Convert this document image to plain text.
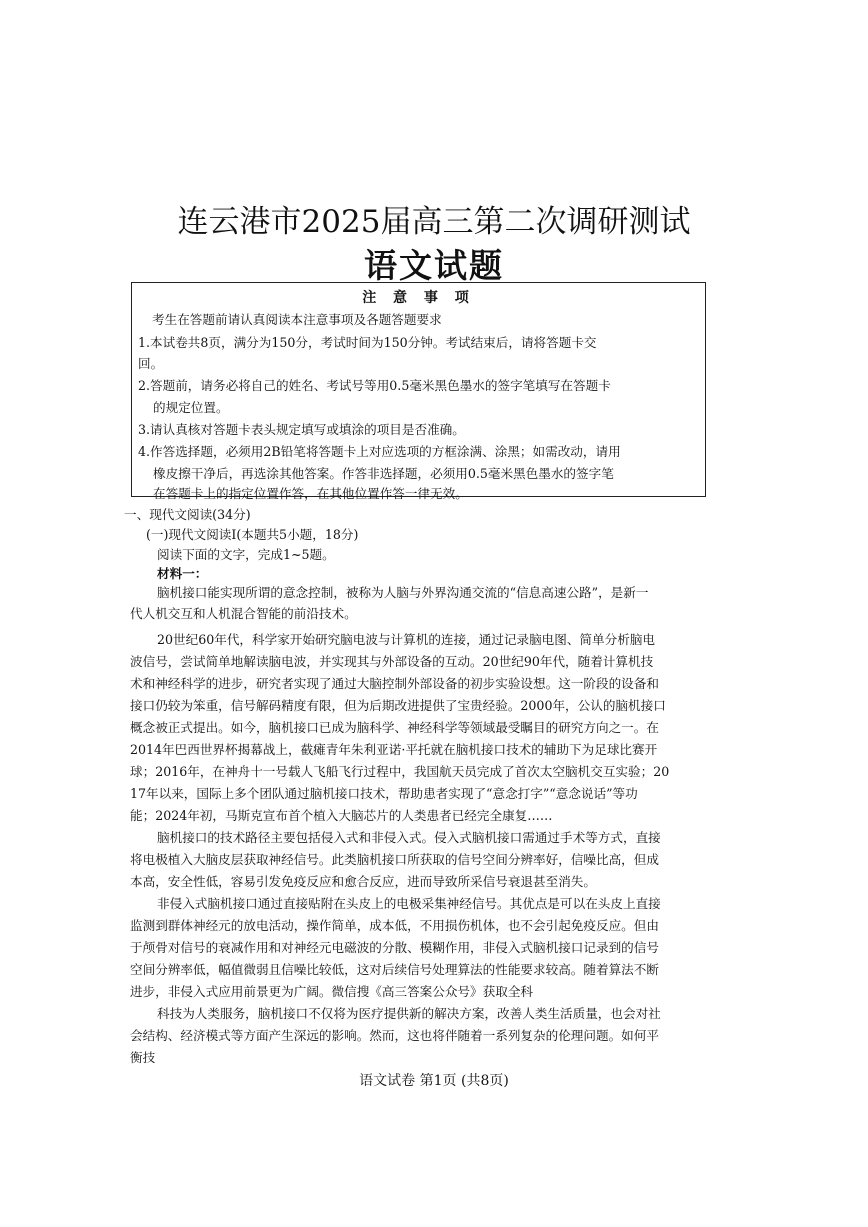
连云港市2025届高三第二次调研测试
语文试题
注 意 事 项
考生在答题前请认真阅读本注意事项及各题答题要求
1.本试卷共8页，满分为150分，考试时间为150分钟。考试结束后，请将答题卡交
回。
2.答题前，请务必将自己的姓名、考试号等用0.5毫米黑色墨水的签字笔填写在答题卡
的规定位置。
3.请认真核对答题卡表头规定填写或填涂的项目是否准确。
4.作答选择题，必须用2B铅笔将答题卡上对应选项的方框涂满、涂黑；如需改动，请用
橡皮擦干净后，再选涂其他答案。作答非选择题，必须用0.5毫米黑色墨水的签字笔
在答题卡上的指定位置作答，在其他位置作答一律无效。
一、现代文阅读(34分)
(一)现代文阅读Ⅰ(本题共5小题，18分)
阅读下面的文字，完成1~5题。
材料一：
脑机接口能实现所谓的意念控制，被称为人脑与外界沟通交流的“信息高速公路”，是新一
代人机交互和人机混合智能的前沿技术。
20世纪60年代，科学家开始研究脑电波与计算机的连接，通过记录脑电图、简单分析脑电
波信号，尝试简单地解读脑电波，并实现其与外部设备的互动。20世纪90年代，随着计算机技
术和神经科学的进步，研究者实现了通过大脑控制外部设备的初步实验设想。这一阶段的设备和
接口仍较为笨重，信号解码精度有限，但为后期改进提供了宝贵经验。2000年，公认的脑机接口
概念被正式提出。如今，脑机接口已成为脑科学、神经科学等领域最受瞩目的研究方向之一。在
2014年巴西世界杯揭幕战上，截瘫青年朱利亚诺·平托就在脑机接口技术的辅助下为足球比赛开
球；2016年，在神舟十一号载人飞船飞行过程中，我国航天员完成了首次太空脑机交互实验；20
17年以来，国际上多个团队通过脑机接口技术，帮助患者实现了“意念打字”“意念说话”等功
能；2024年初，马斯克宣布首个植入大脑芯片的人类患者已经完全康复……
脑机接口的技术路径主要包括侵入式和非侵入式。侵入式脑机接口需通过手术等方式，直接
将电极植入大脑皮层获取神经信号。此类脑机接口所获取的信号空间分辨率好，信噪比高，但成
本高，安全性低，容易引发免疫反应和愈合反应，进而导致所采信号衰退甚至消失。
非侵入式脑机接口通过直接贴附在头皮上的电极采集神经信号。其优点是可以在头皮上直接
监测到群体神经元的放电活动，操作简单，成本低，不用损伤机体，也不会引起免疫反应。但由
于颅骨对信号的衰减作用和对神经元电磁波的分散、模糊作用，非侵入式脑机接口记录到的信号
空间分辨率低，幅值微弱且信噪比较低，这对后续信号处理算法的性能要求较高。随着算法不断
进步，非侵入式应用前景更为广阔。微信搜《高三答案公众号》获取全科
科技为人类服务，脑机接口不仅将为医疗提供新的解决方案，改善人类生活质量，也会对社
会结构、经济模式等方面产生深远的影响。然而，这也将伴随着一系列复杂的伦理问题。如何平
衡技
语文试卷 第1页 (共8页)
